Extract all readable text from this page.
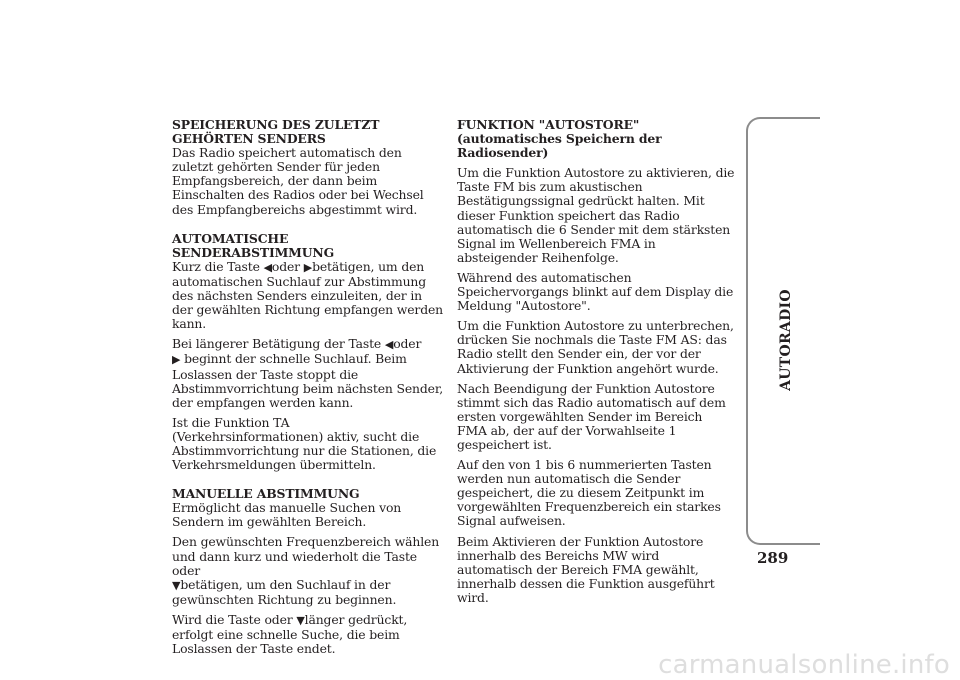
SPEICHERUNG DES ZULETZT GEHÖRTEN SENDERS

Das Radio speichert automatisch den zuletzt gehörten Sender für jeden Empfangsbereich, der dann beim Einschalten des Radios oder bei Wechsel des Empfangbereichs abgestimmt wird.

AUTOMATISCHE SENDERABSTIMMUNG

Kurz die Taste ◀oder ▶betätigen, um den automatischen Suchlauf zur Abstimmung des nächsten Senders einzuleiten, der in der gewählten Richtung empfangen werden kann.

Bei längerer Betätigung der Taste ◀oder
▶ beginnt der schnelle Suchlauf. Beim Loslassen der Taste stoppt die Abstimmvorrichtung beim nächsten Sender, der empfangen werden kann.

Ist die Funktion TA (Verkehrsinformationen) aktiv, sucht die Abstimmvorrichtung nur die Stationen, die Verkehrsmeldungen übermitteln.

MANUELLE ABSTIMMUNG

Ermöglicht das manuelle Suchen von Sendern im gewählten Bereich.

Den gewünschten Frequenzbereich wählen und dann kurz und wiederholt die Taste oder
▼betätigen, um den Suchlauf in der gewünschten Richtung zu beginnen.

Wird die Taste oder ▼länger gedrückt, erfolgt eine schnelle Suche, die beim Loslassen der Taste endet.

FUNKTION "AUTOSTORE"

(automatisches Speichern der Radiosender)

Um die Funktion Autostore zu aktivieren, die Taste FM bis zum akustischen Bestätigungssignal gedrückt halten. Mit dieser Funktion speichert das Radio automatisch die 6 Sender mit dem stärksten Signal im Wellenbereich FMA in absteigender Reihenfolge.

Während des automatischen Speichervorgangs blinkt auf dem Display die Meldung "Autostore".

Um die Funktion Autostore zu unterbrechen, drücken Sie nochmals die Taste FM AS: das Radio stellt den Sender ein, der vor der Aktivierung der Funktion angehört wurde.

Nach Beendigung der Funktion Autostore stimmt sich das Radio automatisch auf dem ersten vorgewählten Sender im Bereich FMA ab, der auf der Vorwahlseite 1 gespeichert ist.

Auf den von 1 bis 6 nummerierten Tasten werden nun automatisch die Sender gespeichert, die zu diesem Zeitpunkt im vorgewählten Frequenzbereich ein starkes Signal aufweisen.

Beim Aktivieren der Funktion Autostore innerhalb des Bereichs MW wird automatisch der Bereich FMA gewählt, innerhalb dessen die Funktion ausgeführt wird.

AUTORADIO
289
carmanualsonline.info
